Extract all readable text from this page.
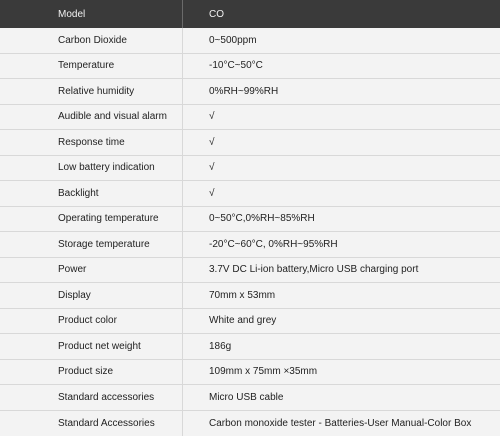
Model	CO
Carbon Dioxide	0~500ppm
Temperature	-10°C~50°C
Relative humidity	0%RH~99%RH
Audible and visual alarm	√
Response time	√
Low battery indication	√
Backlight	√
Operating temperature	0~50°C,0%RH~85%RH
Storage temperature	-20°C~60°C, 0%RH~95%RH
Power	3.7V DC Li-ion battery,Micro USB charging port
Display	70mm x 53mm
Product color	White and grey
Product net weight	186g
Product size	109mm x 75mm ×35mm
Standard accessories	Micro USB cable
Standard Accessories	Carbon monoxide tester - Batteries-User Manual-Color Box
